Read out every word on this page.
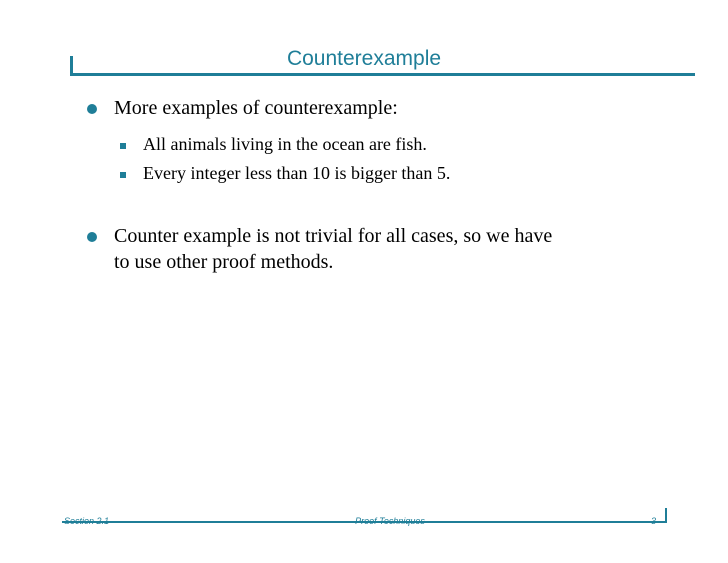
Counterexample
More examples of counterexample:
All animals living in the ocean are fish.
Every integer less than 10 is bigger than 5.
Counter example is not trivial for all cases, so we have
to use other proof methods.
Section 2.1	Proof Techniques	3
